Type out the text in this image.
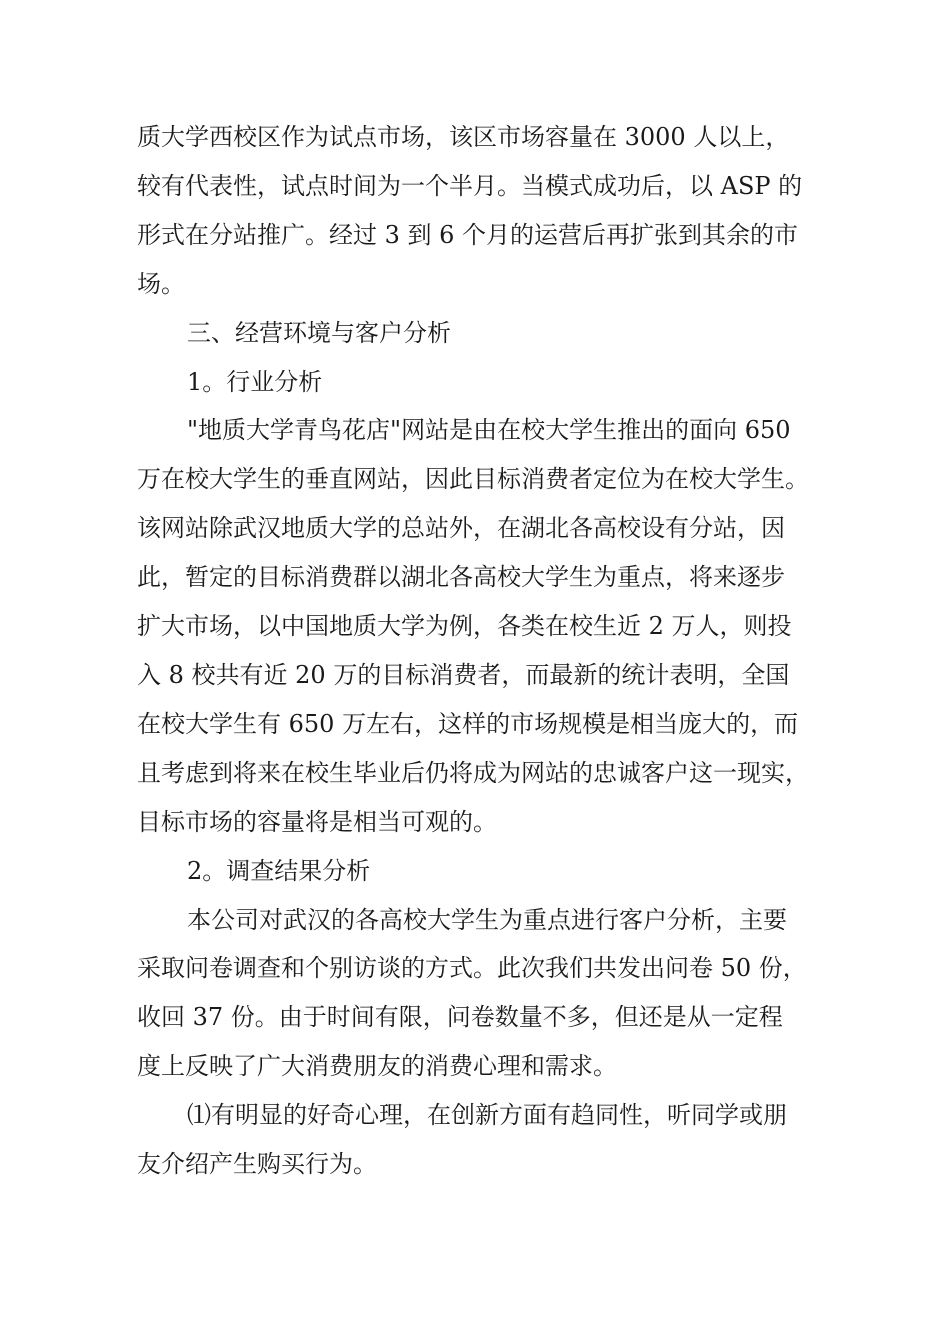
质大学西校区作为试点市场，该区市场容量在 3000 人以上，
较有代表性，试点时间为一个半月。当模式成功后，以 ASP 的
形式在分站推广。经过 3 到 6 个月的运营后再扩张到其余的市
场。

三、经营环境与客户分析

1。行业分析

"地质大学青鸟花店"网站是由在校大学生推出的面向 650
万在校大学生的垂直网站，因此目标消费者定位为在校大学生。
该网站除武汉地质大学的总站外，在湖北各高校设有分站，因
此，暂定的目标消费群以湖北各高校大学生为重点，将来逐步
扩大市场，以中国地质大学为例，各类在校生近 2 万人，则投
入 8 校共有近 20 万的目标消费者，而最新的统计表明，全国
在校大学生有 650 万左右，这样的市场规模是相当庞大的，而
且考虑到将来在校生毕业后仍将成为网站的忠诚客户这一现实，
目标市场的容量将是相当可观的。

2。调查结果分析

本公司对武汉的各高校大学生为重点进行客户分析，主要
采取问卷调查和个别访谈的方式。此次我们共发出问卷 50 份，
收回 37 份。由于时间有限，问卷数量不多，但还是从一定程
度上反映了广大消费朋友的消费心理和需求。

⑴有明显的好奇心理，在创新方面有趋同性，听同学或朋
友介绍产生购买行为。
